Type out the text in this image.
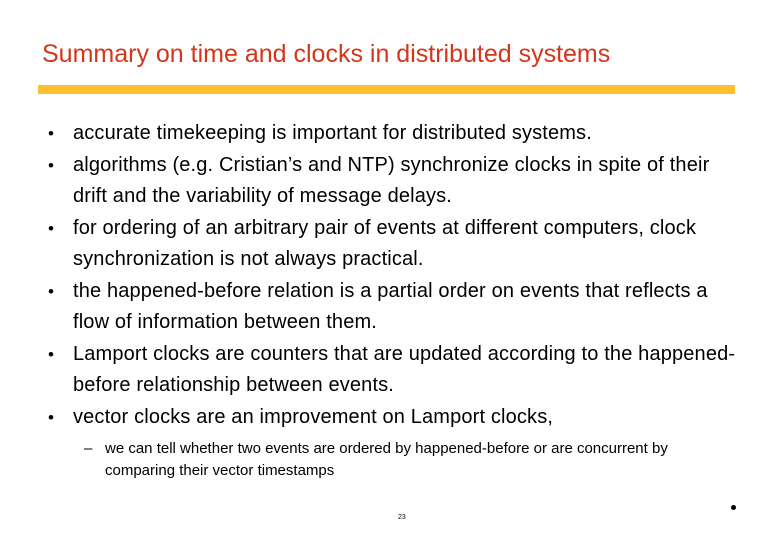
Summary on time and clocks in distributed systems
• accurate timekeeping is important for distributed systems.
• algorithms (e.g. Cristian’s and NTP) synchronize clocks in spite of their drift and the variability of message delays.
• for ordering of an arbitrary pair of events at different computers, clock synchronization is not always practical.
• the happened-before relation is a partial order on events that reflects a flow of information between them.
• Lamport clocks are counters that are updated according to the happened-before relationship between events.
• vector clocks are an improvement on Lamport clocks,
– we can tell whether two events are ordered by happened-before or are concurrent by comparing their vector timestamps
23
